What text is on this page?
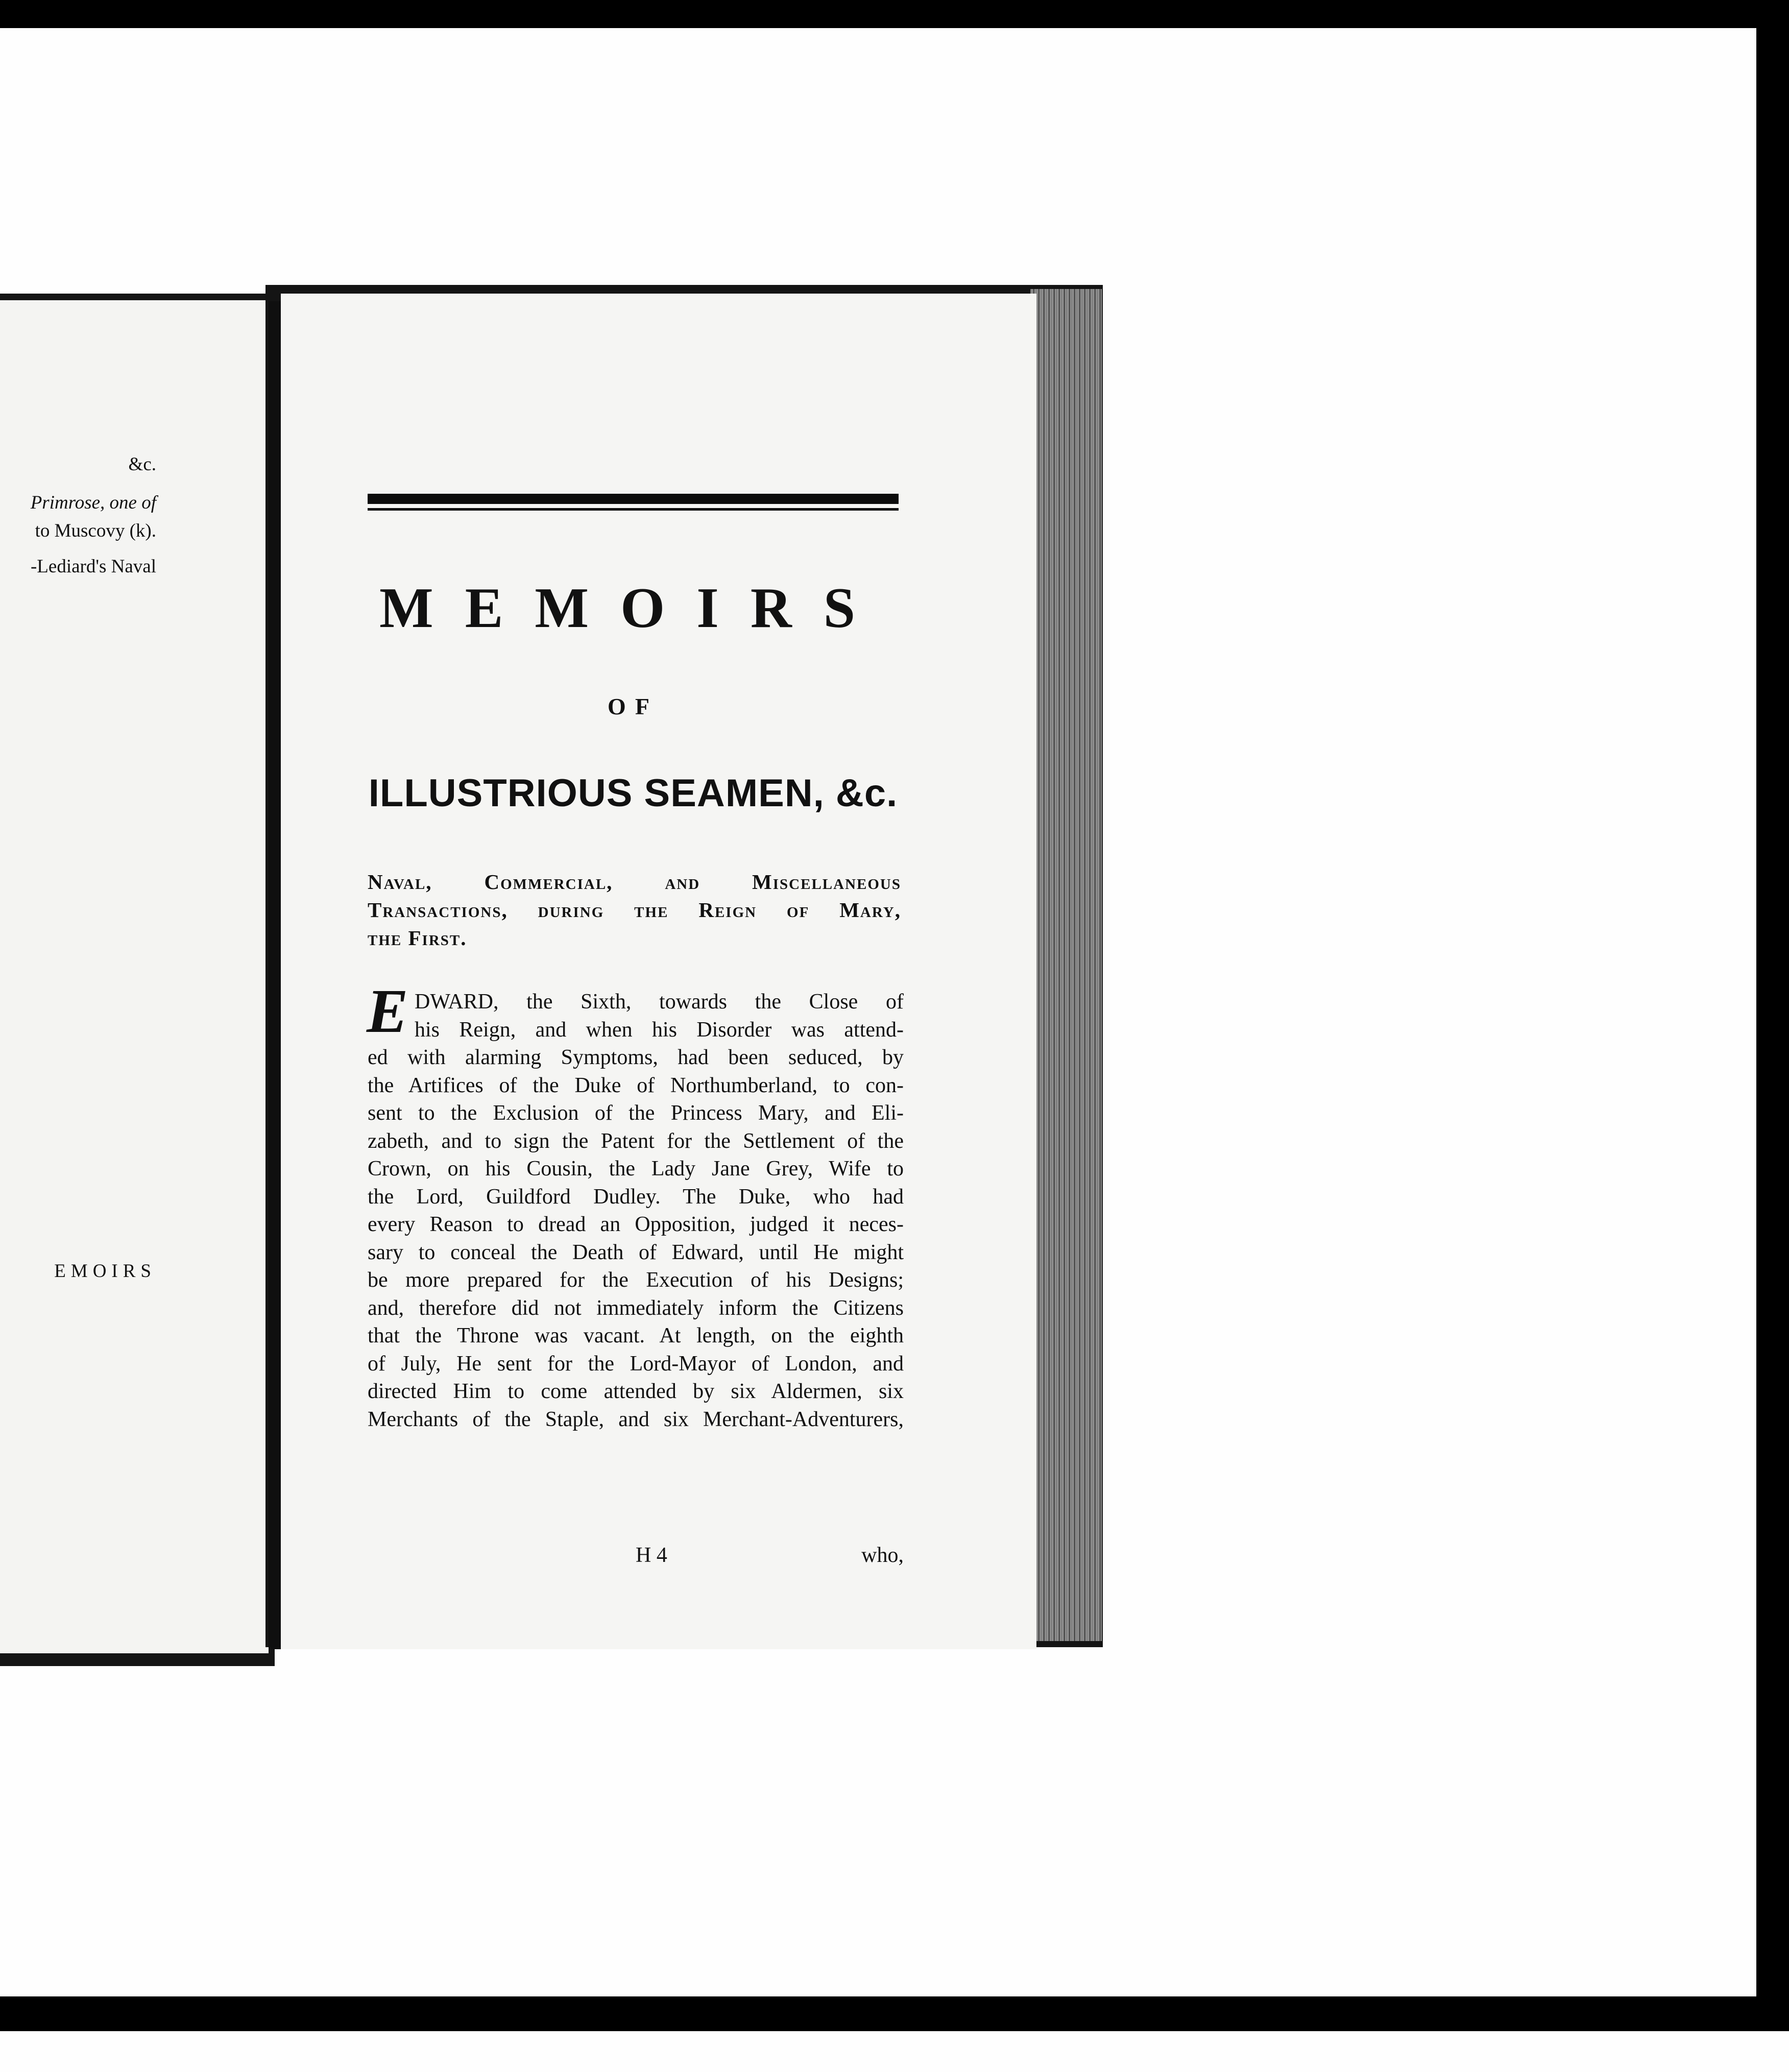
&c.
Primrose, one of
to Muscovy (k).
-Lediard's Naval
EMOIRS
MEMOIRS
OF
ILLUSTRIOUS SEAMEN, &c.
Naval, Commercial, and Miscellaneous
Transactions, during the Reign of Mary,
the First.
E DWARD, the Sixth, towards the Close of
his Reign, and when his Disorder was attend-
ed with alarming Symptoms, had been seduced, by
the Artifices of the Duke of Northumberland, to con-
sent to the Exclusion of the Princess Mary, and Eli-
zabeth, and to sign the Patent for the Settlement of the
Crown, on his Cousin, the Lady Jane Grey, Wife to
the Lord, Guildford Dudley. The Duke, who had
every Reason to dread an Opposition, judged it neces-
sary to conceal the Death of Edward, until He might
be more prepared for the Execution of his Designs;
and, therefore did not immediately inform the Citizens
that the Throne was vacant. At length, on the eighth
of July, He sent for the Lord-Mayor of London, and
directed Him to come attended by six Aldermen, six
Merchants of the Staple, and six Merchant-Adventurers,
H 4	who,
